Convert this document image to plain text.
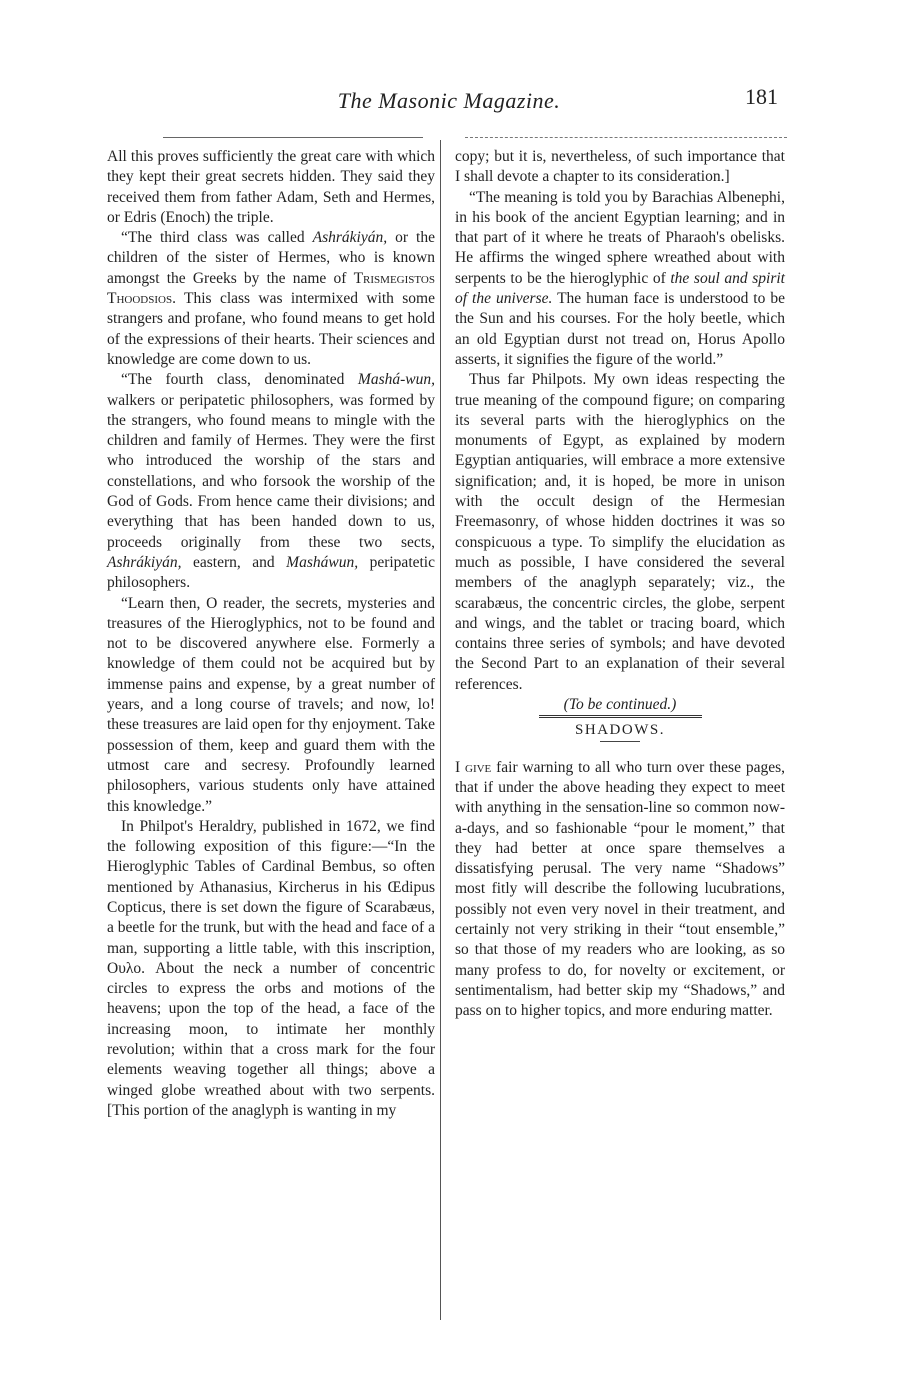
The Masonic Magazine.	181

All this proves sufficiently the great care with which they kept their great secrets hidden. They said they received them from father Adam, Seth and Hermes, or Edris (Enoch) the triple.

“The third class was called Ashrákiyán, or the children of the sister of Hermes, who is known amongst the Greeks by the name of Trismegistos Thoodsios. This class was intermixed with some strangers and profane, who found means to get hold of the expressions of their hearts. Their sciences and knowledge are come down to us.

“The fourth class, denominated Mashá-wun, walkers or peripatetic philosophers, was formed by the strangers, who found means to mingle with the children and family of Hermes. They were the first who introduced the worship of the stars and constellations, and who forsook the worship of the God of Gods. From hence came their divisions; and everything that has been handed down to us, proceeds originally from these two sects, Ashrákiyán, eastern, and Masháwun, peripatetic philosophers.

“Learn then, O reader, the secrets, mysteries and treasures of the Hieroglyphics, not to be found and not to be discovered anywhere else. Formerly a knowledge of them could not be acquired but by immense pains and expense, by a great number of years, and a long course of travels; and now, lo! these treasures are laid open for thy enjoyment. Take possession of them, keep and guard them with the utmost care and secresy. Profoundly learned philosophers, various students only have attained this knowledge.”

In Philpot's Heraldry, published in 1672, we find the following exposition of this figure:—“In the Hieroglyphic Tables of Cardinal Bembus, so often mentioned by Athanasius, Kircherus in his Œdipus Copticus, there is set down the figure of Scarabæus, a beetle for the trunk, but with the head and face of a man, supporting a little table, with this inscription, Ουλο. About the neck a number of concentric circles to express the orbs and motions of the heavens; upon the top of the head, a face of the increasing moon, to intimate her monthly revolution; within that a cross mark for the four elements weaving together all things; above a winged globe wreathed about with two serpents. [This portion of the anaglyph is wanting in my

copy; but it is, nevertheless, of such importance that I shall devote a chapter to its consideration.]

“The meaning is told you by Barachias Albenephi, in his book of the ancient Egyptian learning; and in that part of it where he treats of Pharaoh's obelisks. He affirms the winged sphere wreathed about with serpents to be the hieroglyphic of the soul and spirit of the universe. The human face is understood to be the Sun and his courses. For the holy beetle, which an old Egyptian durst not tread on, Horus Apollo asserts, it signifies the figure of the world.”

Thus far Philpots. My own ideas respecting the true meaning of the compound figure; on comparing its several parts with the hieroglyphics on the monuments of Egypt, as explained by modern Egyptian antiquaries, will embrace a more extensive signification; and, it is hoped, be more in unison with the occult design of the Hermesian Freemasonry, of whose hidden doctrines it was so conspicuous a type. To simplify the elucidation as much as possible, I have considered the several members of the anaglyph separately; viz., the scarabæus, the concentric circles, the globe, serpent and wings, and the tablet or tracing board, which contains three series of symbols; and have devoted the Second Part to an explanation of their several references.

(To be continued.)

SHADOWS.

I give fair warning to all who turn over these pages, that if under the above heading they expect to meet with anything in the sensation-line so common now-a-days, and so fashionable “pour le moment,” that they had better at once spare themselves a dissatisfying perusal. The very name “Shadows” most fitly will describe the following lucubrations, possibly not even very novel in their treatment, and certainly not very striking in their “tout ensemble,” so that those of my readers who are looking, as so many profess to do, for novelty or excitement, or sentimentalism, had better skip my “Shadows,” and pass on to higher topics, and more enduring matter.
